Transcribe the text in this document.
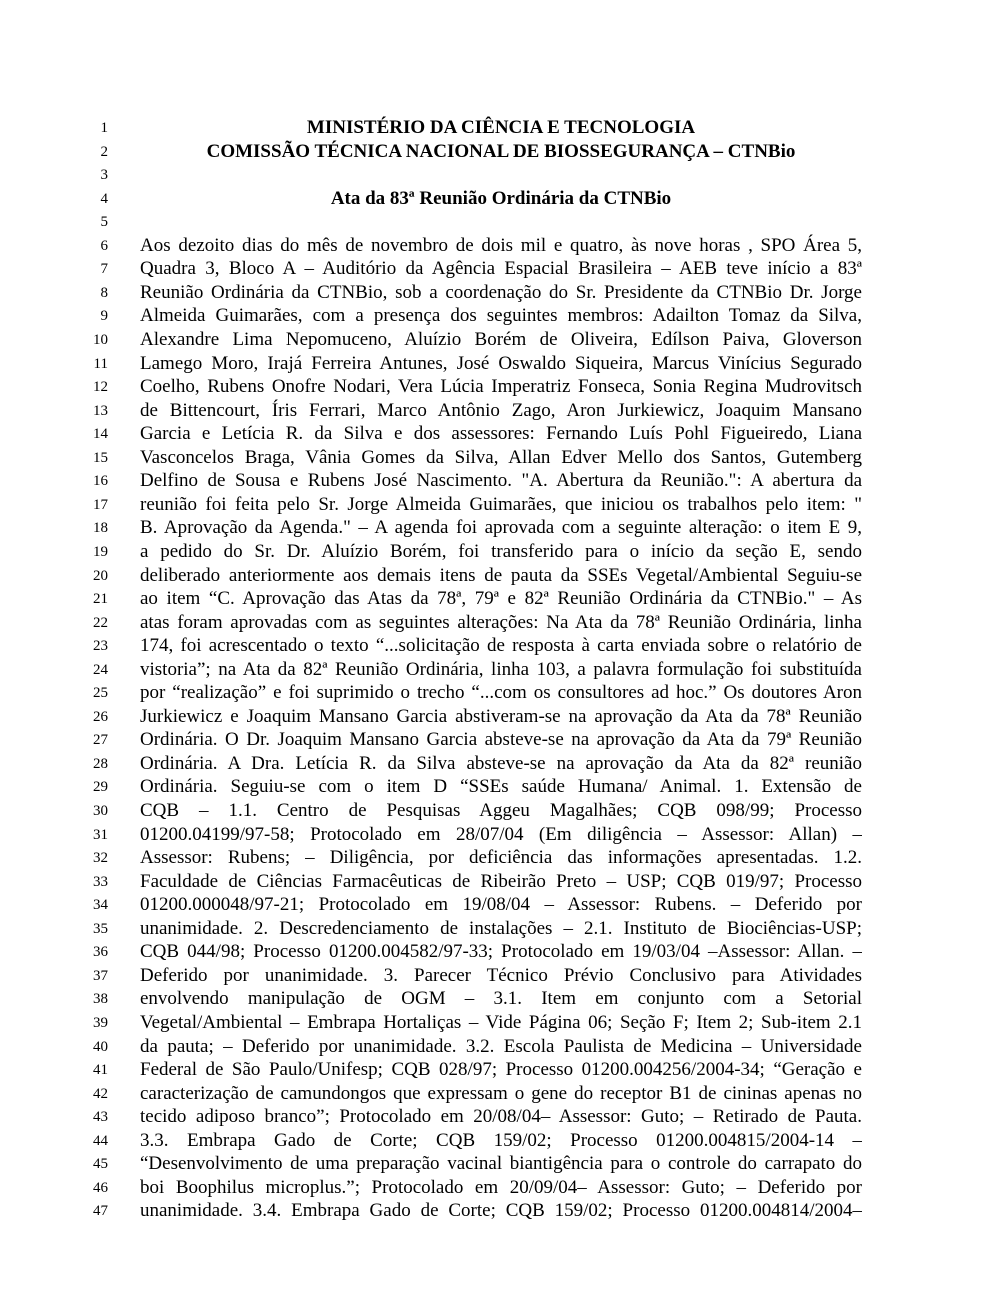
1	MINISTÉRIO DA CIÊNCIA E TECNOLOGIA
2	COMISSÃO TÉCNICA NACIONAL DE BIOSSEGURANÇA – CTNBio
3
4	Ata da 83ª Reunião Ordinária da CTNBio
5
6 Aos dezoito dias do mês de novembro de dois mil e quatro, às nove horas , SPO Área 5,
7 Quadra 3, Bloco A – Auditório da Agência Espacial Brasileira – AEB teve início a 83ª
8 Reunião Ordinária da CTNBio, sob a coordenação do Sr. Presidente da CTNBio Dr. Jorge
9 Almeida Guimarães, com a presença dos seguintes membros: Adailton Tomaz da Silva,
10 Alexandre Lima Nepomuceno, Aluízio Borém de Oliveira, Edílson Paiva, Gloverson
11 Lamego Moro, Irajá Ferreira Antunes, José Oswaldo Siqueira, Marcus Vinícius Segurado
12 Coelho, Rubens Onofre Nodari, Vera Lúcia Imperatriz Fonseca, Sonia Regina Mudrovitsch
13 de Bittencourt, Íris Ferrari, Marco Antônio Zago, Aron Jurkiewicz, Joaquim Mansano
14 Garcia e Letícia R. da Silva e dos assessores: Fernando Luís Pohl Figueiredo, Liana
15 Vasconcelos Braga, Vânia Gomes da Silva, Allan Edver Mello dos Santos, Gutemberg
16 Delfino de Sousa e Rubens José Nascimento. "A. Abertura da Reunião.": A abertura da
17 reunião foi feita pelo Sr. Jorge Almeida Guimarães, que iniciou os trabalhos pelo item: "
18 B. Aprovação da Agenda." – A agenda foi aprovada com a seguinte alteração: o item E 9,
19 a pedido do Sr. Dr. Aluízio Borém, foi transferido para o início da seção E, sendo
20 deliberado anteriormente aos demais itens de pauta da SSEs Vegetal/Ambiental Seguiu-se
21 ao item “C. Aprovação das Atas da 78ª, 79ª e 82ª Reunião Ordinária da CTNBio." – As
22 atas foram aprovadas com as seguintes alterações: Na Ata da 78ª Reunião Ordinária, linha
23 174, foi acrescentado o texto “...solicitação de resposta à carta enviada sobre o relatório de
24 vistoria”; na Ata da 82ª Reunião Ordinária, linha 103, a palavra formulação foi substituída
25 por “realização” e foi suprimido o trecho “...com os consultores ad hoc.” Os doutores Aron
26 Jurkiewicz e Joaquim Mansano Garcia abstiveram-se na aprovação da Ata da 78ª Reunião
27 Ordinária. O Dr. Joaquim Mansano Garcia absteve-se na aprovação da Ata da 79ª Reunião
28 Ordinária. A Dra. Letícia R. da Silva absteve-se na aprovação da Ata da 82ª reunião
29 Ordinária. Seguiu-se com o item D “SSEs saúde Humana/ Animal. 1. Extensão de
30 CQB – 1.1. Centro de Pesquisas Aggeu Magalhães; CQB 098/99; Processo
31 01200.04199/97-58; Protocolado em 28/07/04 (Em diligência – Assessor: Allan) –
32 Assessor: Rubens; – Diligência, por deficiência das informações apresentadas. 1.2.
33 Faculdade de Ciências Farmacêuticas de Ribeirão Preto – USP; CQB 019/97; Processo
34 01200.000048/97-21; Protocolado em 19/08/04 – Assessor: Rubens. – Deferido por
35 unanimidade. 2. Descredenciamento de instalações – 2.1. Instituto de Biociências-USP;
36 CQB 044/98; Processo 01200.004582/97-33; Protocolado em 19/03/04 –Assessor: Allan. –
37 Deferido por unanimidade. 3. Parecer Técnico Prévio Conclusivo para Atividades
38 envolvendo manipulação de OGM – 3.1. Item em conjunto com a Setorial
39 Vegetal/Ambiental – Embrapa Hortaliças – Vide Página 06; Seção F; Item 2; Sub-item 2.1
40 da pauta; – Deferido por unanimidade. 3.2. Escola Paulista de Medicina – Universidade
41 Federal de São Paulo/Unifesp; CQB 028/97; Processo 01200.004256/2004-34; “Geração e
42 caracterização de camundongos que expressam o gene do receptor B1 de cininas apenas no
43 tecido adiposo branco”; Protocolado em 20/08/04– Assessor: Guto; – Retirado de Pauta.
44 3.3. Embrapa Gado de Corte; CQB 159/02; Processo 01200.004815/2004-14 –
45 “Desenvolvimento de uma preparação vacinal biantigência para o controle do carrapato do
46 boi Boophilus microplus.”; Protocolado em 20/09/04– Assessor: Guto; – Deferido por
47 unanimidade. 3.4. Embrapa Gado de Corte; CQB 159/02; Processo 01200.004814/2004–
